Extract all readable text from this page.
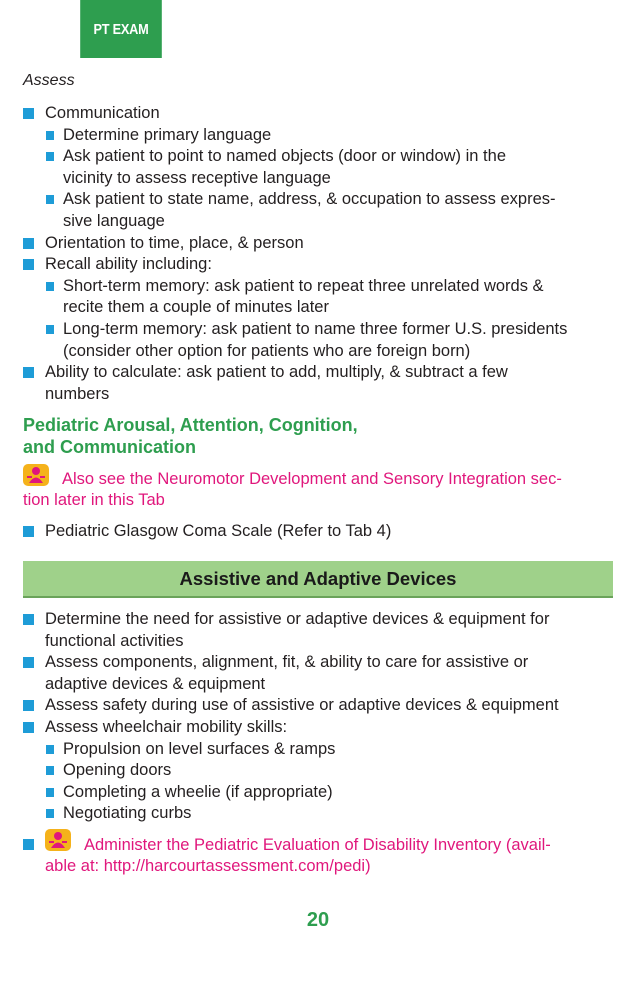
PT EXAM
Assess
Communication
Determine primary language
Ask patient to point to named objects (door or window) in the
vicinity to assess receptive language
Ask patient to state name, address, & occupation to assess expres-
sive language
Orientation to time, place, & person
Recall ability including:
Short-term memory: ask patient to repeat three unrelated words &
recite them a couple of minutes later
Long-term memory: ask patient to name three former U.S. presidents
(consider other option for patients who are foreign born)
Ability to calculate: ask patient to add, multiply, & subtract a few
numbers
Pediatric Arousal, Attention, Cognition,
and Communication
Also see the Neuromotor Development and Sensory Integration sec-
tion later in this Tab
Pediatric Glasgow Coma Scale (Refer to Tab 4)
Assistive and Adaptive Devices
Determine the need for assistive or adaptive devices & equipment for
functional activities
Assess components, alignment, fit, & ability to care for assistive or
adaptive devices & equipment
Assess safety during use of assistive or adaptive devices & equipment
Assess wheelchair mobility skills:
Propulsion on level surfaces & ramps
Opening doors
Completing a wheelie (if appropriate)
Negotiating curbs
Administer the Pediatric Evaluation of Disability Inventory (avail-
able at: http://harcourtassessment.com/pedi)
20
